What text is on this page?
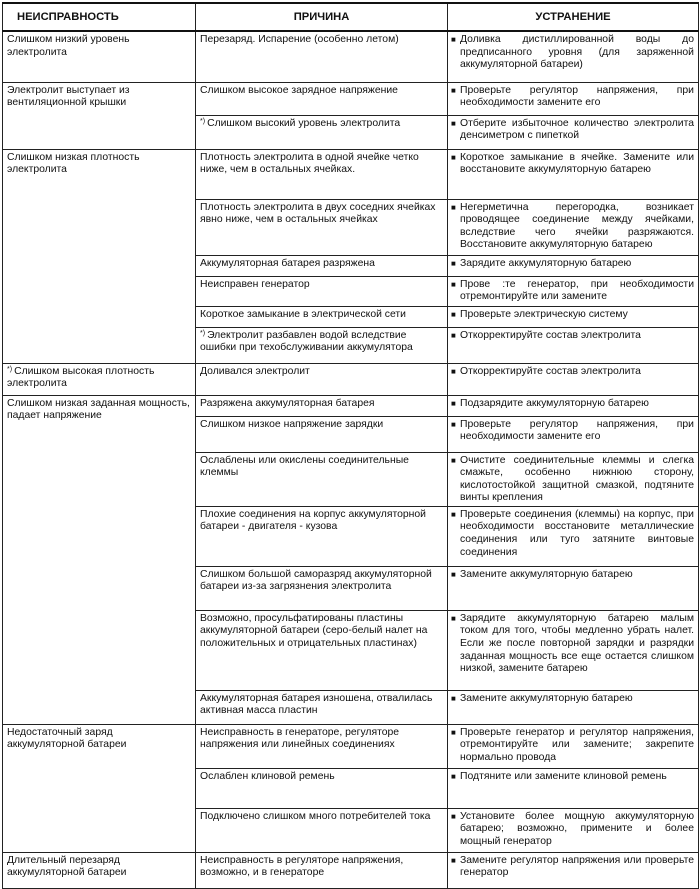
НЕИСПРАВНОСТЬ	ПРИЧИНА	УСТРАНЕНИЕ
Слишком низкий уровень электролита	Перезаряд. Испарение (особенно летом)	■ Доливка дистиллированной воды до предписанного уровня (для заряженной аккумуляторной батареи)

Электролит выступает из вентиляционной крышки	Слишком высокое зарядное напряжение	■ Проверьте регулятор напряжения, при необходимости замените его

	*) Слишком высокий уровень электролита	■ Отберите избыточное количество электролита денсиметром с пипеткой

Слишком низкая плотность электролита	Плотность электролита в одной ячейке четко ниже, чем в остальных ячейках.	■ Короткое замыкание в ячейке. Замените или восстановите аккумуляторную батарею

	Плотность электролита в двух соседних ячейках явно ниже, чем в остальных ячейках	■ Негерметична перегородка, возникает проводящее соединение между ячейками, вследствие чего ячейки разряжаются. Восстановите аккумуляторную батарею

	Аккумуляторная батарея разряжена	■ Зарядите аккумуляторную батарею

	Неисправен генератор	■ Прове :те генератор, при необходимости отремонтируйте или замените

	Короткое замыкание в электрической сети	■ Проверьте электрическую систему

	*) Электролит разбавлен водой вследствие ошибки при техобслуживании аккумулятора	■ Откорректируйте состав электролита

*) Слишком высокая плотность электролита	Доливался электролит	■ Откорректируйте состав электролита

Слишком низкая заданная мощность, падает напряжение	Разряжена аккумуляторная батарея	■ Подзарядите аккумуляторную батарею

	Слишком низкое напряжение зарядки	■ Проверьте регулятор напряжения, при необходимости замените его

	Ослаблены или окислены соединительные клеммы	■ Очистите соединительные клеммы и слегка смажьте, особенно нижнюю сторону, кислотостойкой защитной смазкой, подтяните винты крепления

	Плохие соединения на корпус аккумуляторной батареи - двигателя - кузова	■ Проверьте соединения (клеммы) на корпус, при необходимости восстановите металлические соединения или туго затяните винтовые соединения

	Слишком большой саморазряд аккумуляторной батареи из-за загрязнения электролита	■ Замените аккумуляторную батарею

	Возможно, просульфатированы пластины аккумуляторной батареи (серо-белый налет на положительных и отрицательных пластинах)	■ Зарядите аккумуляторную батарею малым током для того, чтобы медленно убрать налет. Если же после повторной зарядки и разрядки заданная мощность все еще остается слишком низкой, замените батарею

	Аккумуляторная батарея изношена, отвалилась активная масса пластин	■ Замените аккумуляторную батарею

Недостаточный заряд аккумуляторной батареи	Неисправность в генераторе, регуляторе напряжения или линейных соединениях	■ Проверьте генератор и регулятор напряжения, отремонтируйте или замените; закрепите нормально провода

	Ослаблен клиновой ремень	■ Подтяните или замените клиновой ремень

	Подключено слишком много потребителей тока	■ Установите более мощную аккумуляторную батарею; возможно, примените и более мощный генератор

Длительный перезаряд аккумуляторной батареи	Неисправность в регуляторе напряжения, возможно, и в генераторе	■ Замените регулятор напряжения или проверьте генератор
